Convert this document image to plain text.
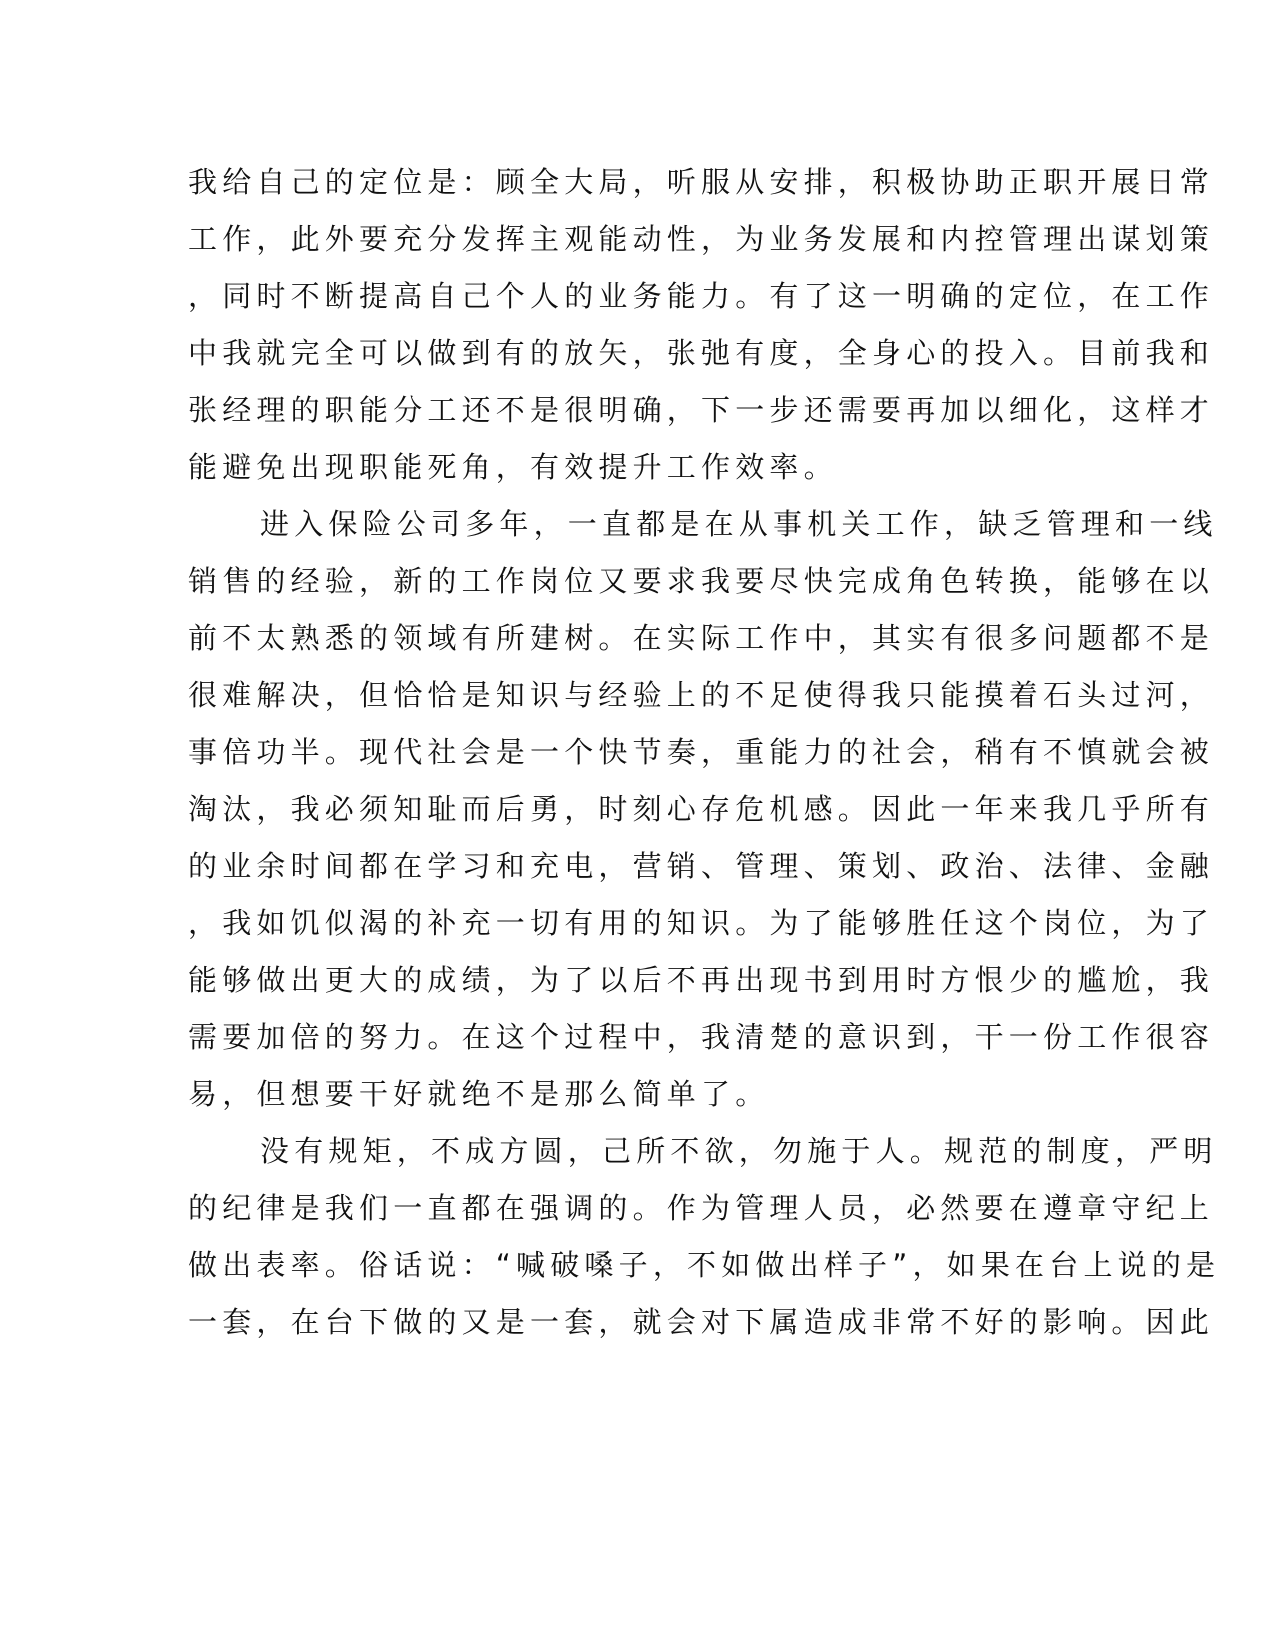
我给自己的定位是：顾全大局，听服从安排，积极协助正职开展日常
工作，此外要充分发挥主观能动性，为业务发展和内控管理出谋划策
，同时不断提高自己个人的业务能力。有了这一明确的定位，在工作
中我就完全可以做到有的放矢，张弛有度，全身心的投入。目前我和
张经理的职能分工还不是很明确，下一步还需要再加以细化，这样才
能避免出现职能死角，有效提升工作效率。
进入保险公司多年，一直都是在从事机关工作，缺乏管理和一线
销售的经验，新的工作岗位又要求我要尽快完成角色转换，能够在以
前不太熟悉的领域有所建树。在实际工作中，其实有很多问题都不是
很难解决，但恰恰是知识与经验上的不足使得我只能摸着石头过河，
事倍功半。现代社会是一个快节奏，重能力的社会，稍有不慎就会被
淘汰，我必须知耻而后勇，时刻心存危机感。因此一年来我几乎所有
的业余时间都在学习和充电，营销、管理、策划、政治、法律、金融
，我如饥似渴的补充一切有用的知识。为了能够胜任这个岗位，为了
能够做出更大的成绩，为了以后不再出现书到用时方恨少的尴尬，我
需要加倍的努力。在这个过程中，我清楚的意识到，干一份工作很容
易，但想要干好就绝不是那么简单了。
没有规矩，不成方圆，己所不欲，勿施于人。规范的制度，严明
的纪律是我们一直都在强调的。作为管理人员，必然要在遵章守纪上
做出表率。俗话说：“喊破嗓子，不如做出样子”，如果在台上说的是
一套，在台下做的又是一套，就会对下属造成非常不好的影响。因此
